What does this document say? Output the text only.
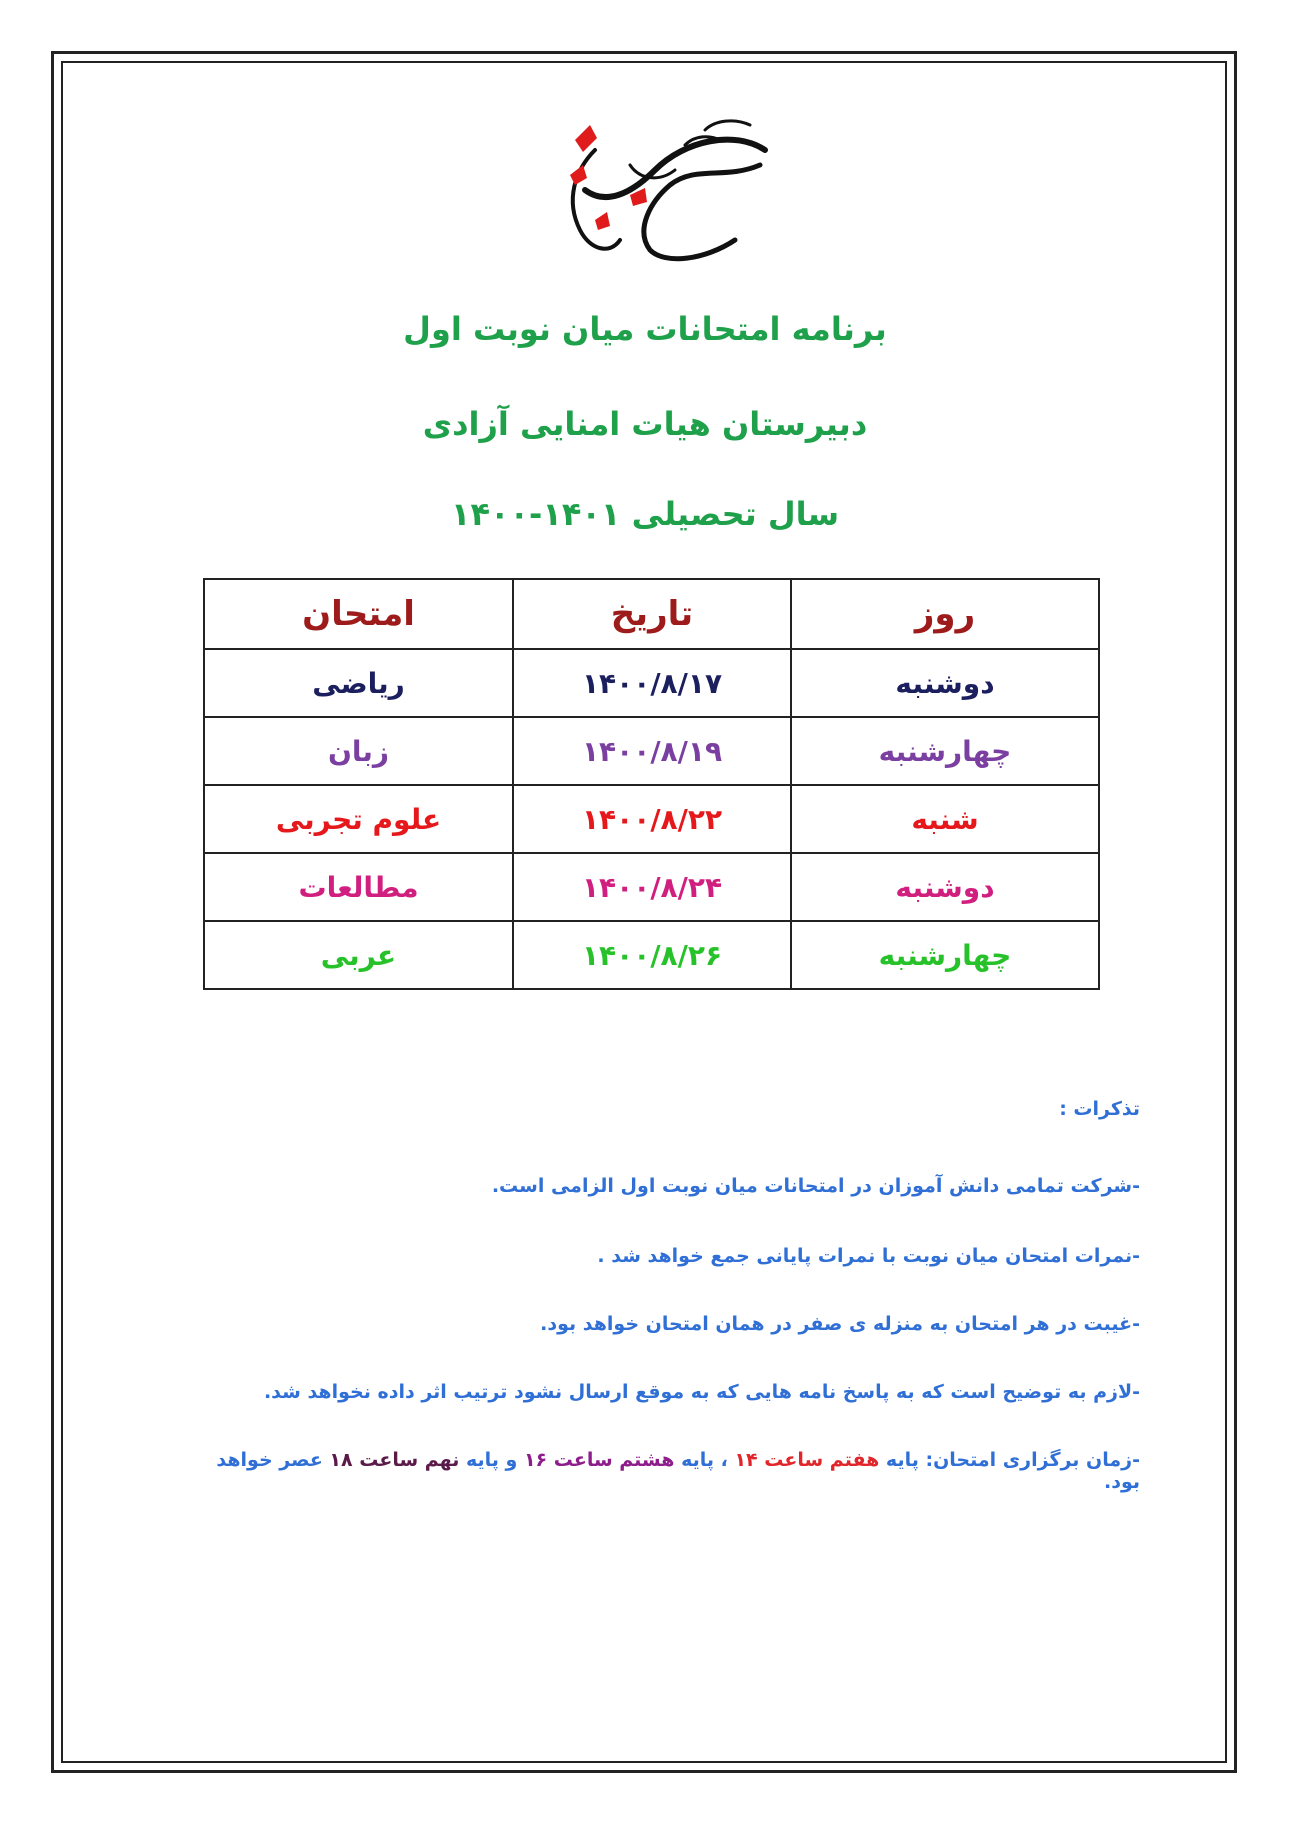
برنامه امتحانات میان نوبت اول
دبیرستان هیات امنایی آزادی
سال تحصیلی ۱۴۰۱-۱۴۰۰
روز	تاریخ	امتحان
دوشنبه	۱۴۰۰/۸/۱۷	ریاضی
چهارشنبه	۱۴۰۰/۸/۱۹	زبان
شنبه	۱۴۰۰/۸/۲۲	علوم تجربی
دوشنبه	۱۴۰۰/۸/۲۴	مطالعات
چهارشنبه	۱۴۰۰/۸/۲۶	عربی
تذکرات :
-شرکت تمامی دانش آموزان در امتحانات میان نوبت اول الزامی است.
-نمرات امتحان میان نوبت با نمرات پایانی جمع خواهد شد .
-غیبت در هر امتحان به منزله ی صفر در همان امتحان خواهد بود.
-لازم به توضیح است که به پاسخ نامه هایی که به موقع ارسال نشود ترتیب اثر داده نخواهد شد.
-زمان برگزاری امتحان: پایه هفتم ساعت ۱۴ ، پایه هشتم ساعت ۱۶ و پایه نهم ساعت ۱۸ عصر خواهد بود.
